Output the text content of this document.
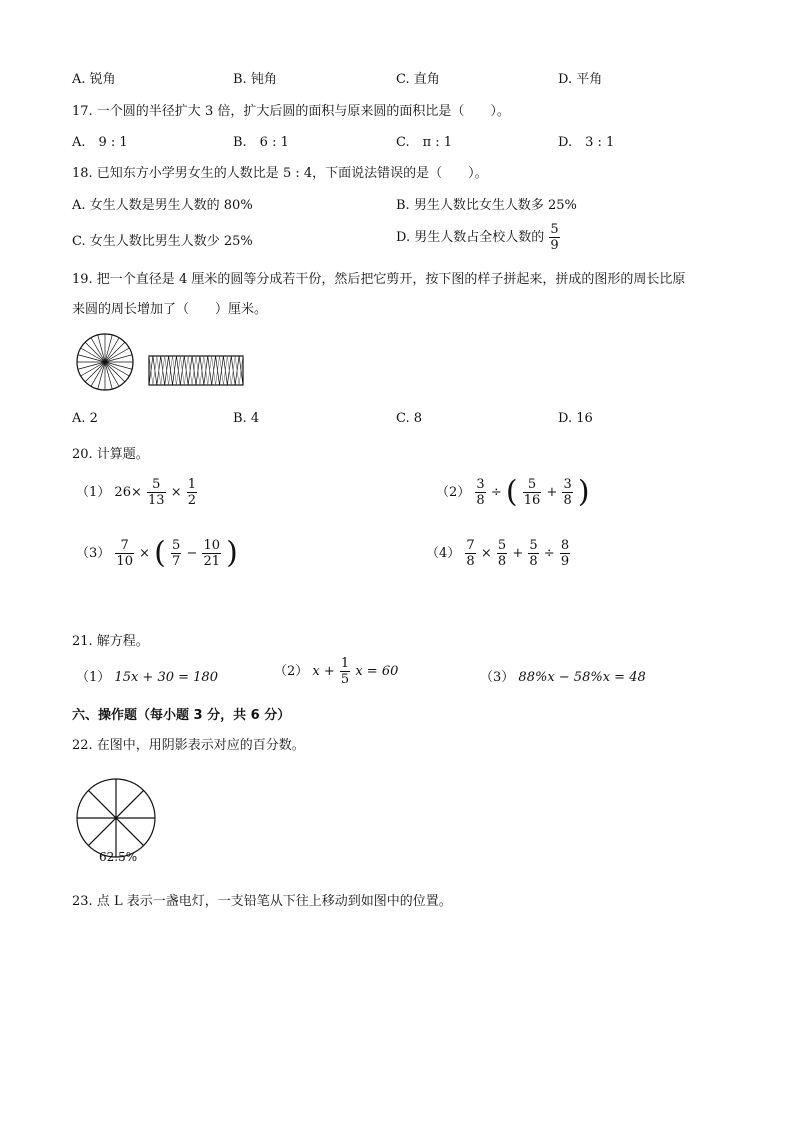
A. 锐角	B. 钝角	C. 直角	D. 平角
17. 一个圆的半径扩大 3 倍，扩大后圆的面积与原来圆的面积比是（　　）。
A.　9 : 1	B.　6 : 1	C.　π : 1	D.　3 : 1
18. 已知东方小学男女生的人数比是 5 : 4，下面说法错误的是（　　）。
A. 女生人数是男生人数的 80%	B. 男生人数比女生人数多 25%
C. 女生人数比男生人数少 25%	D. 男生人数占全校人数的 $\frac{5}{9}$
19. 把一个直径是 4 厘米的圆等分成若干份，然后把它剪开，按下图的样子拼起来，拼成的图形的周长比原
来圆的周长增加了（　　）厘米。
A. 2	B. 4	C. 8	D. 16
20. 计算题。
（1） $26\times \frac{5}{13} \times \frac{1}{2}$	$(2) \frac{3}{8}$ ÷ ( $\frac{5}{16} + \frac{3}{8}$ )
$(3) \frac{7}{10}$ × ( $\frac{5}{7} - \frac{10}{21}$ )	$(4) \frac{7}{8} \times \frac{5}{8} + \frac{5}{8} \div \frac{8}{9}$
21. 解方程。
（1） 15x + 30 = 180	（2） $x + \frac{1}{5}$ x = 60	（3） 88%x − 58%x = 48
六、操作题（每小题 3 分，共 6 分）
22. 在图中，用阴影表示对应的百分数。
62.5%
23. 点 L 表示一盏电灯，一支铅笔从下往上移动到如图中的位置。
